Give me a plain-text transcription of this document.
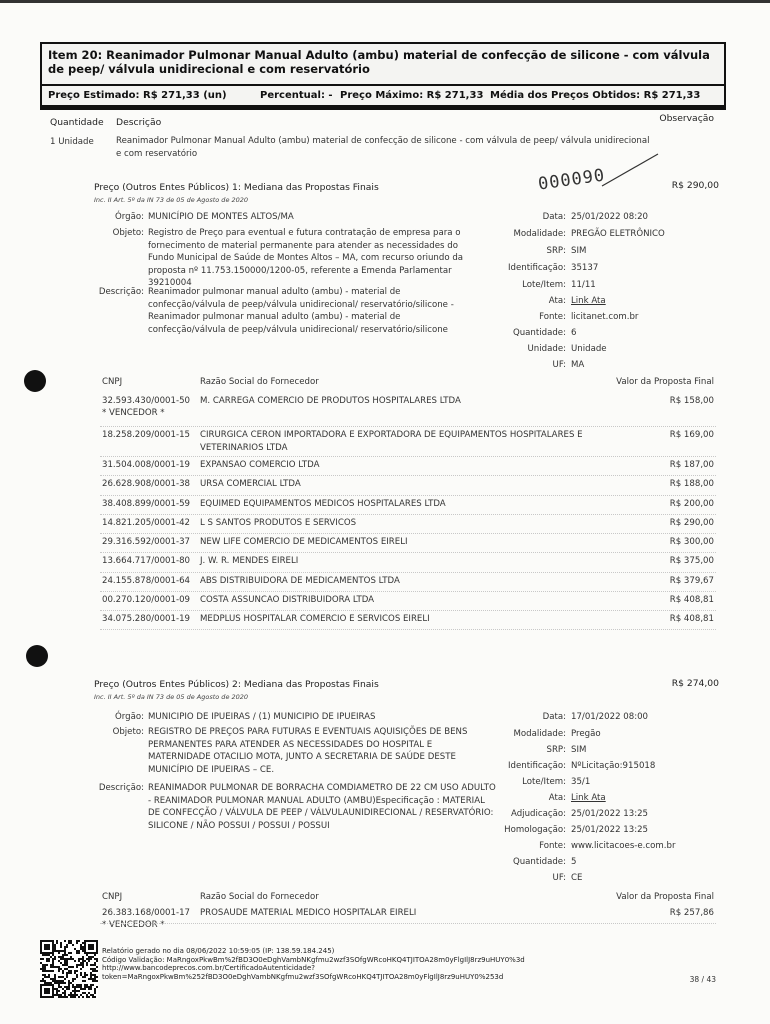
Item 20: Reanimador Pulmonar Manual Adulto (ambu) material de confecção de silicone - com válvula de peep/ válvula unidirecional e com reservatório
Preço Estimado: R$ 271,33 (un)	Percentual: - Preço Máximo: R$ 271,33 Média dos Preços Obtidos: R$ 271,33
Quantidade Descrição	Observação
1 Unidade	Reanimador Pulmonar Manual Adulto (ambu) material de confecção de silicone - com válvula de peep/ válvula unidirecional e com reservatório
000090
Preço (Outros Entes Públicos) 1: Mediana das Propostas Finais
Inc. II Art. 5º da IN 73 de 05 de Agosto de 2020
R$ 290,00
Órgão: MUNICÍPIO DE MONTES ALTOS/MA
Objeto: Registro de Preço para eventual e futura contratação de empresa para o fornecimento de material permanente para atender as necessidades do Fundo Municipal de Saúde de Montes Altos – MA, com recurso oriundo da proposta nº 11.753.150000/1200-05, referente a Emenda Parlamentar 39210004
Descrição: Reanimador pulmonar manual adulto (ambu) - material de confecção/válvula de peep/válvula unidirecional/ reservatório/silicone - Reanimador pulmonar manual adulto (ambu) - material de confecção/válvula de peep/válvula unidirecional/ reservatório/silicone
Data: 25/01/2022 08:20
Modalidade: PREGÃO ELETRÔNICO
SRP: SIM
Identificação: 35137
Lote/Item: 11/11
Ata: Link Ata
Fonte: licitanet.com.br
Quantidade: 6
Unidade: Unidade
UF: MA
CNPJ	Razão Social do Fornecedor	Valor da Proposta Final
32.593.430/0001-50 M. CARREGA COMERCIO DE PRODUTOS HOSPITALARES LTDA	R$ 158,00
* VENCEDOR *
18.258.209/0001-15 CIRURGICA CERON IMPORTADORA E EXPORTADORA DE EQUIPAMENTOS HOSPITALARES E VETERINARIOS LTDA
R$ 169,00
31.504.008/0001-19 EXPANSAO COMERCIO LTDA	R$ 187,00
26.628.908/0001-38 URSA COMERCIAL LTDA	R$ 188,00
38.408.899/0001-59 EQUIMED EQUIPAMENTOS MEDICOS HOSPITALARES LTDA	R$ 200,00
14.821.205/0001-42 L S SANTOS PRODUTOS E SERVICOS	R$ 290,00
29.316.592/0001-37 NEW LIFE COMERCIO DE MEDICAMENTOS EIRELI	R$ 300,00
13.664.717/0001-80 J. W. R. MENDES EIRELI	R$ 375,00
24.155.878/0001-64 ABS DISTRIBUIDORA DE MEDICAMENTOS LTDA	R$ 379,67
00.270.120/0001-09 COSTA ASSUNCAO DISTRIBUIDORA LTDA	R$ 408,81
34.075.280/0001-19 MEDPLUS HOSPITALAR COMERCIO E SERVICOS EIRELI	R$ 408,81
Preço (Outros Entes Públicos) 2: Mediana das Propostas Finais
Inc. II Art. 5º da IN 73 de 05 de Agosto de 2020
R$ 274,00
Órgão: MUNICIPIO DE IPUEIRAS / (1) MUNICIPIO DE IPUEIRAS
Objeto: REGISTRO DE PREÇOS PARA FUTURAS E EVENTUAIS AQUISIÇÕES DE BENS PERMANENTES PARA ATENDER AS NECESSIDADES DO HOSPITAL E MATERNIDADE OTACILIO MOTA, JUNTO A SECRETARIA DE SAÚDE DESTE MUNICÍPIO DE IPUEIRAS – CE.
Descrição: REANIMADOR PULMONAR DE BORRACHA COMDIAMETRO DE 22 CM USO ADULTO - REANIMADOR PULMONAR MANUAL ADULTO (AMBU)Especificação : MATERIAL DE CONFECÇÃO / VÁLVULA DE PEEP / VÁLVULAUNIDIRECIONAL / RESERVATÓRIO: SILICONE / NÃO POSSUI / POSSUI / POSSUI
Data: 17/01/2022 08:00
Modalidade: Pregão
SRP: SIM
Identificação: NºLicitação:915018
Lote/Item: 35/1
Ata: Link Ata
Adjudicação: 25/01/2022 13:25
Homologação: 25/01/2022 13:25
Fonte: www.licitacoes-e.com.br
Quantidade: 5
UF: CE
CNPJ	Razão Social do Fornecedor	Valor da Proposta Final
26.383.168/0001-17 PROSAUDE MATERIAL MEDICO HOSPITALAR EIRELI	R$ 257,86
* VENCEDOR *
Relatório gerado no dia 08/06/2022 10:59:05 (IP: 138.59.184.245)
Código Validação: MaRngoxPkwBm%2fBD3O0eDghVambNKgfmu2wzf3SOfgWRcoHKQ4TJITOA28m0yFlgIlJ8rz9uHUY0%3d
http://www.bancodeprecos.com.br/CertificadoAutenticidade?
token=MaRngoxPkwBm%252fBD3O0eDghVambNKgfmu2wzf3SOfgWRcoHKQ4TJITOA28m0yFlgIlJ8rz9uHUY0%253d	38 / 43
